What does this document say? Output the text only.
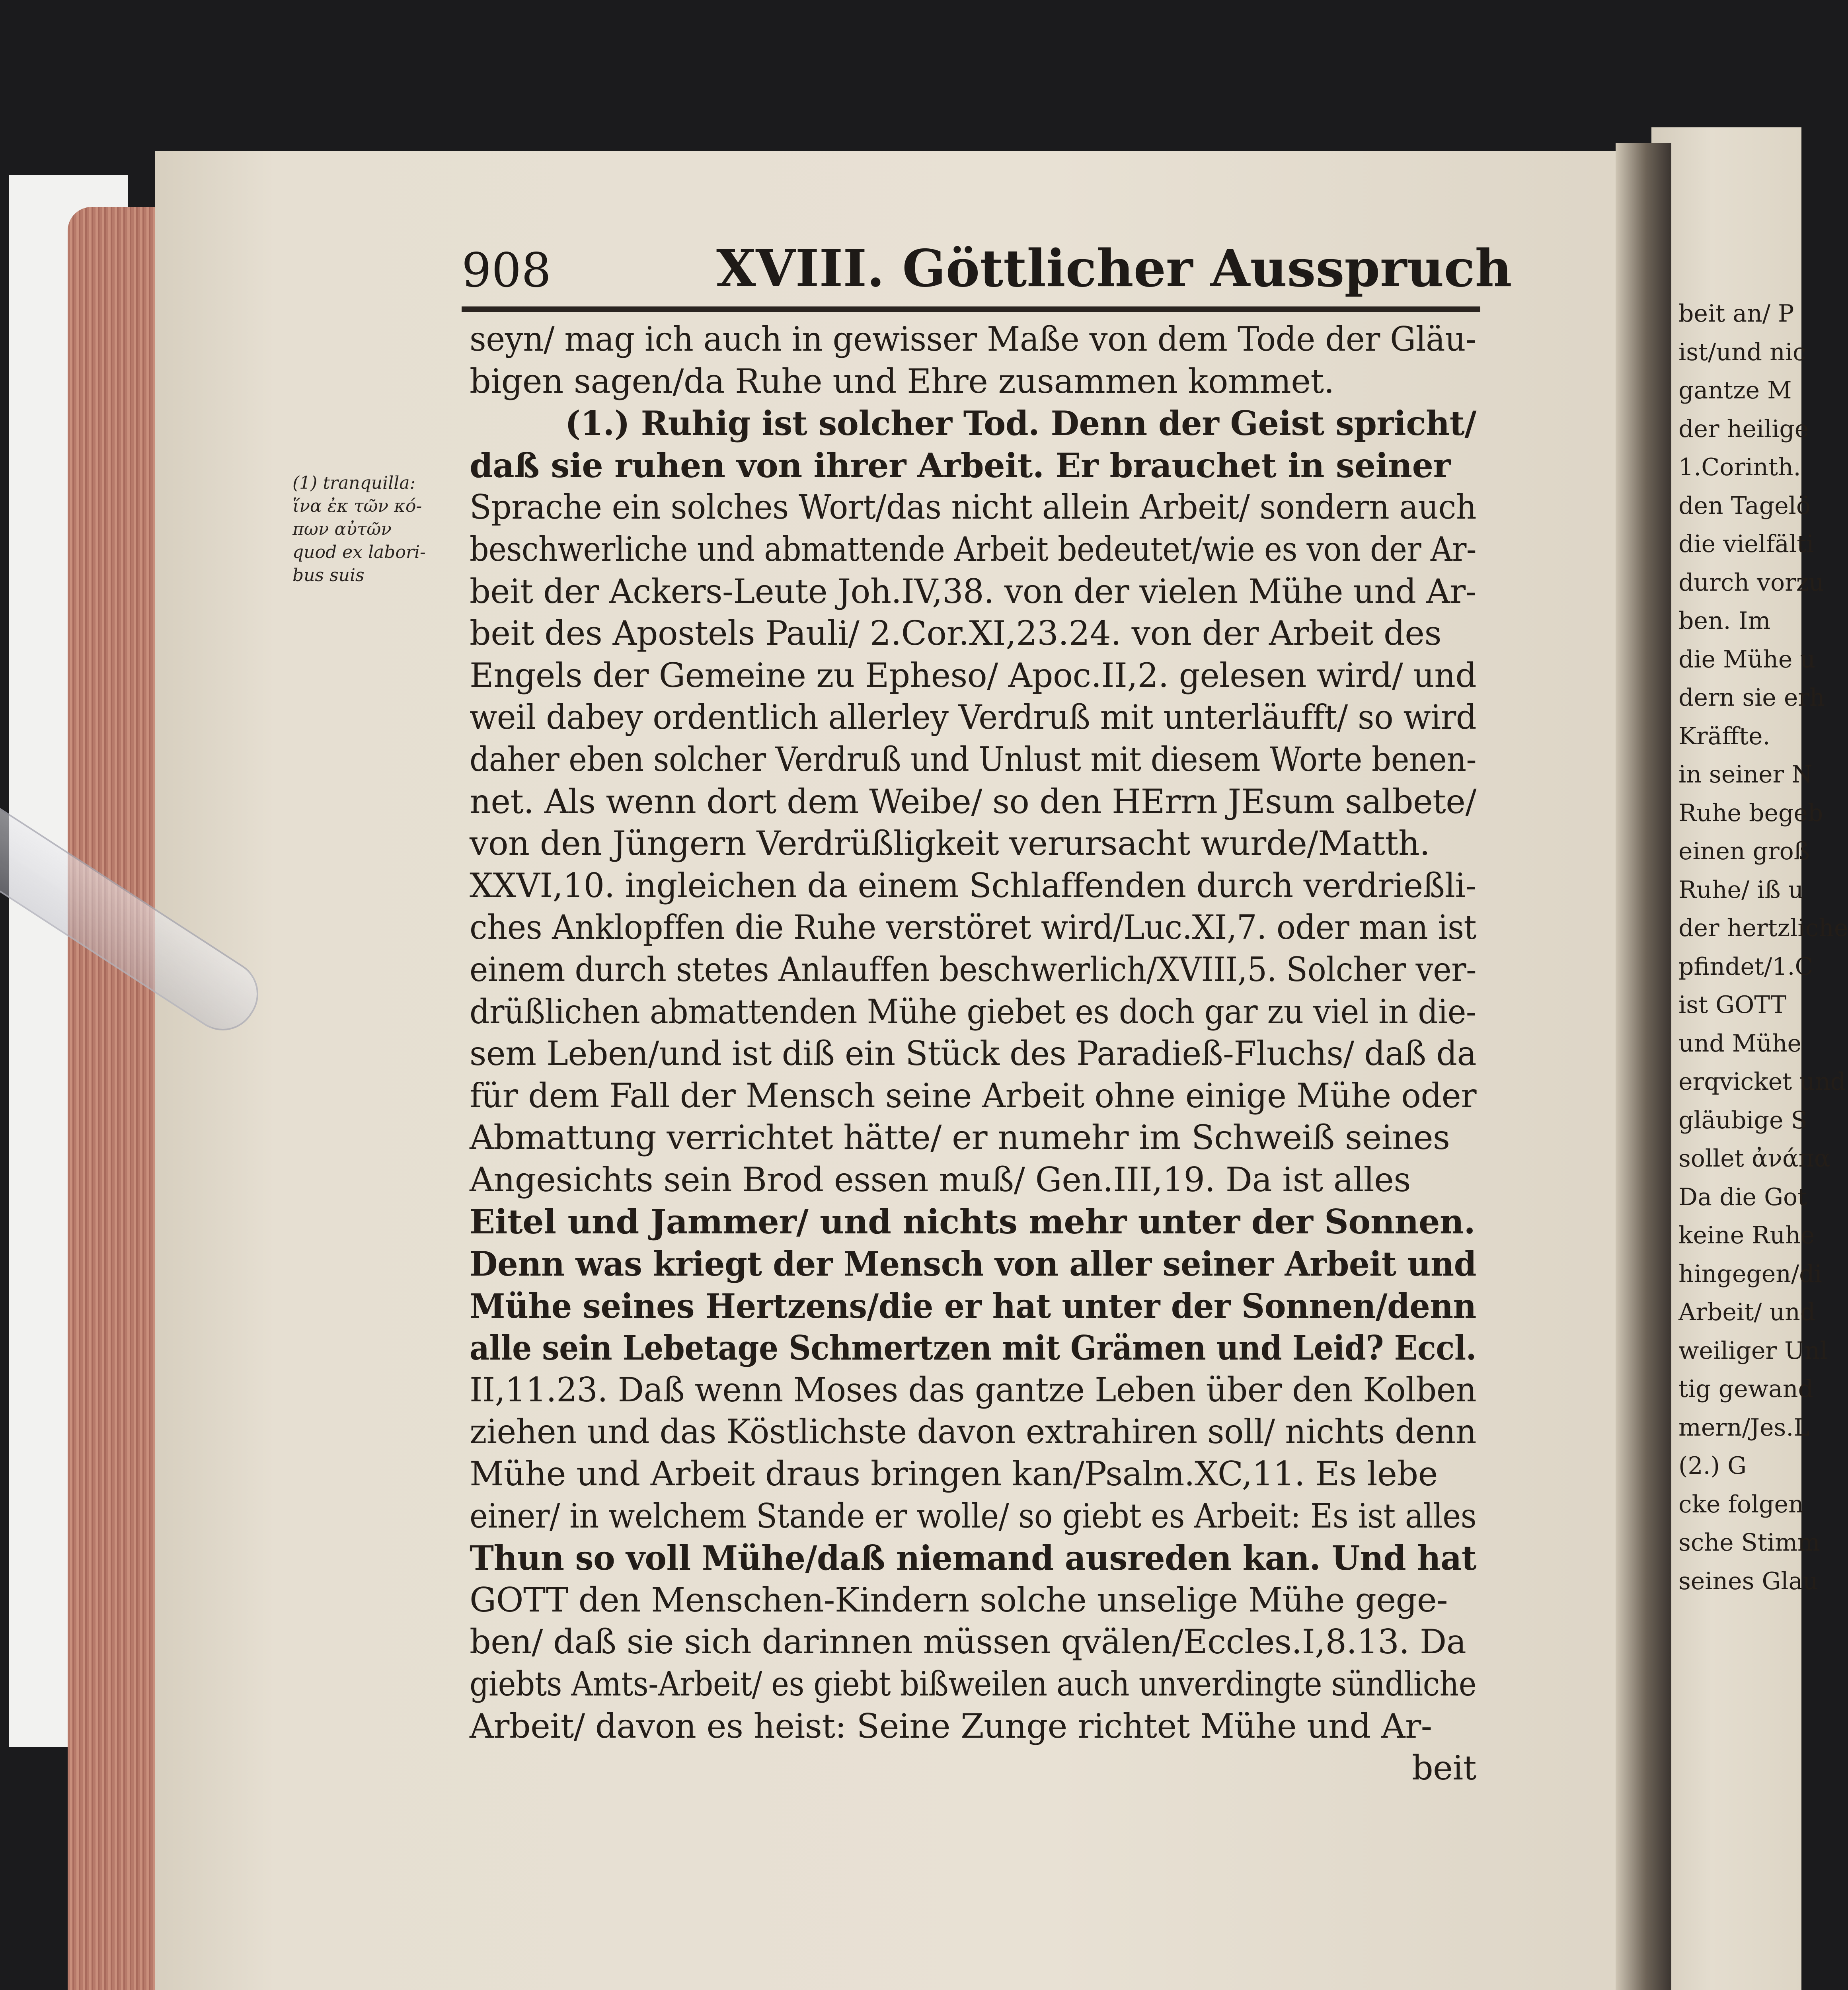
908	XVIII. Göttlicher Ausspruch
(1) tranquilla:
ἵνα ἐκ τῶν κό-
πων αὐτῶν
quod ex labori-
bus suis
seyn/ mag ich auch in gewisser Maße von dem Tode der Gläu-
bigen sagen/da Ruhe und Ehre zusammen kommet.
(1.) Ruhig ist solcher Tod. Denn der Geist spricht/
daß sie ruhen von ihrer Arbeit. Er brauchet in seiner
Sprache ein solches Wort/das nicht allein Arbeit/ sondern auch
beschwerliche und abmattende Arbeit bedeutet/wie es von der Ar-
beit der Ackers-Leute Joh.IV,38. von der vielen Mühe und Ar-
beit des Apostels Pauli/ 2.Cor.XI,23.24. von der Arbeit des
Engels der Gemeine zu Epheso/ Apoc.II,2. gelesen wird/ und
weil dabey ordentlich allerley Verdruß mit unterläufft/ so wird
daher eben solcher Verdruß und Unlust mit diesem Worte benen-
net. Als wenn dort dem Weibe/ so den HErrn JEsum salbete/
von den Jüngern Verdrüßligkeit verursacht wurde/Matth.
XXVI,10. ingleichen da einem Schlaffenden durch verdrießli-
ches Anklopffen die Ruhe verstöret wird/Luc.XI,7. oder man ist
einem durch stetes Anlauffen beschwerlich/XVIII,5. Solcher ver-
drüßlichen abmattenden Mühe giebet es doch gar zu viel in die-
sem Leben/und ist diß ein Stück des Paradieß-Fluchs/ daß da
für dem Fall der Mensch seine Arbeit ohne einige Mühe oder
Abmattung verrichtet hätte/ er numehr im Schweiß seines
Angesichts sein Brod essen muß/ Gen.III,19. Da ist alles
Eitel und Jammer/ und nichts mehr unter der Sonnen.
Denn was kriegt der Mensch von aller seiner Arbeit und
Mühe seines Hertzens/die er hat unter der Sonnen/denn
alle sein Lebetage Schmertzen mit Grämen und Leid? Eccl.
II,11.23. Daß wenn Moses das gantze Leben über den Kolben
ziehen und das Köstlichste davon extrahiren soll/ nichts denn
Mühe und Arbeit draus bringen kan/Psalm.XC,11. Es lebe
einer/ in welchem Stande er wolle/ so giebt es Arbeit: Es ist alles
Thun so voll Mühe/daß niemand ausreden kan. Und hat
GOTT den Menschen-Kindern solche unselige Mühe gege-
ben/ daß sie sich darinnen müssen qvälen/Eccles.I,8.13. Da
giebts Amts-Arbeit/ es giebt bißweilen auch unverdingte sündliche
Arbeit/ davon es heist: Seine Zunge richtet Mühe und Ar-
beit
beit an/ P
ist/und nic
gantze M
der heilige
1.Corinth.
den Tagelö
die vielfälti
durch vorzu
ben. Im
die Mühe u
dern sie erh
Kräffte.
in seiner N
Ruhe begeb
einen groß
Ruhe/ iß u
der hertzliche
pfindet/1.C
ist GOTT
und Mühe
erqvicket und
gläubige S
sollet ἀνάπα
Da die Got
keine Ruhe
hingegen/di
Arbeit/ und
weiliger Unl
tig gewand
mern/Jes.L
(2.) G
cke folgen
sche Stimm
seines Glau
